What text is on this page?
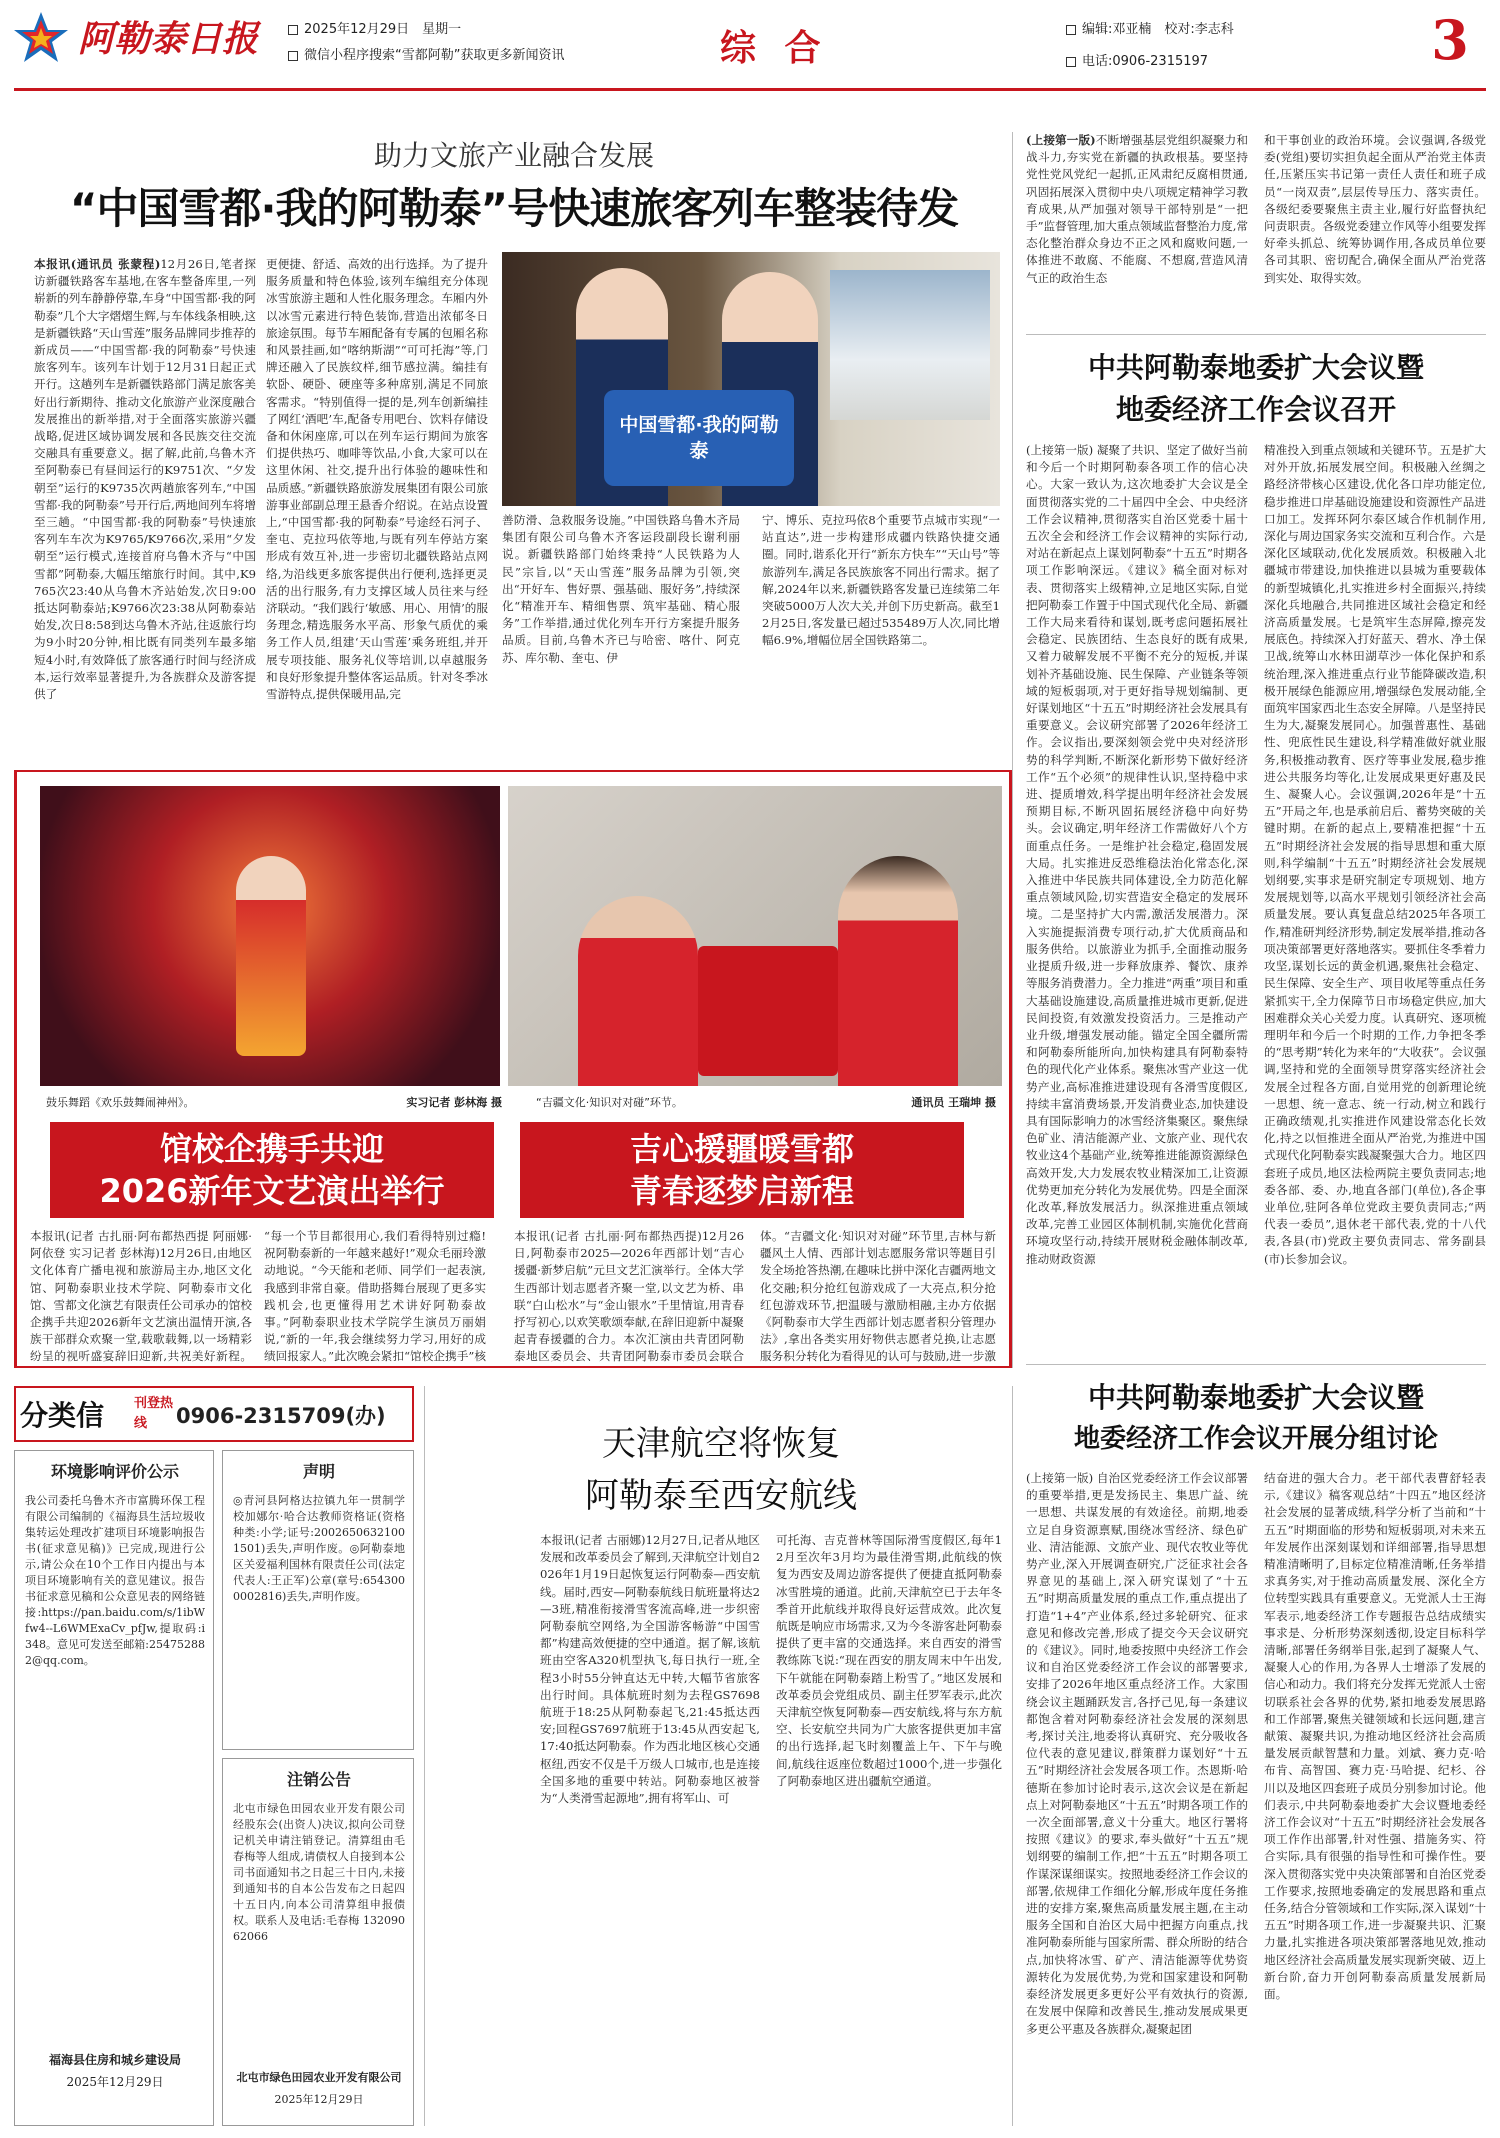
阿勒泰日报	2025年12月29日　星期一
微信小程序搜索“雪都阿勒”获取更多新闻资讯	综 合	编辑:邓亚楠　校对:李志科
电话:0906-2315197	3
助力文旅产业融合发展
“中国雪都·我的阿勒泰”号快速旅客列车整装待发
本报讯(通讯员 张蒙程)12月26日,笔者探访新疆铁路客车基地,在客车整备库里,一列崭新的列车静静停靠,车身“中国雪都·我的阿勒泰”几个大字熠熠生辉,与车体线条相映,这是新疆铁路“天山雪莲”服务品牌同步推荐的新成员——“中国雪都·我的阿勒泰”号快速旅客列车。该列车计划于12月31日起正式开行。这趟列车是新疆铁路部门满足旅客美好出行新期待、推动文化旅游产业深度融合发展推出的新举措,对于全面落实旅游兴疆战略,促进区域协调发展和各民族交往交流交融具有重要意义。据了解,此前,乌鲁木齐至阿勒泰已有昼间运行的K9751次、“夕发朝至”运行的K9735次两趟旅客列车,“中国雪都·我的阿勒泰”号开行后,两地间列车将增至三趟。“中国雪都·我的阿勒泰”号快速旅客列车车次为K9765/K9766次,采用“夕发朝至”运行模式,连接首府乌鲁木齐与“中国雪都”阿勒泰,大幅压缩旅行时间。其中,K9765次23:40从乌鲁木齐站始发,次日9:00抵达阿勒泰站;K9766次23:38从阿勒泰站始发,次日8:58到达乌鲁木齐站,往返旅行均为9小时20分钟,相比既有同类列车最多缩短4小时,有效降低了旅客通行时间与经济成本,运行效率显著提升,为各族群众及游客提供了
更便捷、舒适、高效的出行选择。为了提升服务质量和特色体验,该列车编组充分体现冰雪旅游主题和人性化服务理念。车厢内外以冰雪元素进行特色装饰,营造出浓郁冬日旅途氛围。每节车厢配备有专属的包厢名称和风景挂画,如“喀纳斯湖”“可可托海”等,门牌还融入了民族纹样,细节感拉满。编挂有软卧、硬卧、硬座等多种席别,满足不同旅客需求。“特别值得一提的是,列车创新编挂了网红‘酒吧’车,配备专用吧台、饮料存储设备和休闲座席,可以在列车运行期间为旅客们提供热巧、咖啡等饮品,小食,大家可以在这里休闲、社交,提升出行体验的趣味性和品质感。”新疆铁路旅游发展集团有限公司旅游事业部副总理王悬香介绍说。在站点设置上,“中国雪都·我的阿勒泰”号途经石河子、奎屯、克拉玛依等地,与既有列车停站方案形成有效互补,进一步密切北疆铁路站点网络,为沿线更多旅客提供出行便利,选择更灵活的出行服务,有力支撑区域人员往来与经济联动。“我们践行‘敏感、用心、用情’的服务理念,精选服务水平高、形象气质优的乘务工作人员,组建‘天山雪莲’乘务班组,并开展专项技能、服务礼仪等培训,以卓越服务和良好形象提升整体客运品质。针对冬季冰雪游特点,提供保暖用品,完
中国雪都·我的阿勒泰
善防滑、急救服务设施。”中国铁路乌鲁木齐局集团有限公司乌鲁木齐客运段副段长谢利丽说。新疆铁路部门始终秉持“人民铁路为人民”宗旨,以“天山雪莲”服务品牌为引领,突出“开好车、售好票、强基础、服好务”,持续深化“精准开车、精细售票、筑牢基础、精心服务”工作举措,通过优化列车开行方案提升服务品质。目前,乌鲁木齐已与哈密、喀什、阿克苏、库尔勒、奎屯、伊
宁、博乐、克拉玛依8个重要节点城市实现“一站直达”,进一步构建形成疆内铁路快捷交通圈。同时,谐系化开行“新东方快车”“天山号”等旅游列车,满足各民族旅客不同出行需求。据了解,2024年以来,新疆铁路客发量已连续第二年突破5000万人次大关,并创下历史新高。截至12月25日,客发量已超过535489万人次,同比增幅6.9%,增幅位居全国铁路第二。
(上接第一版)不断增强基层党组织凝聚力和战斗力,夯实党在新疆的执政根基。要坚持党性党风党纪一起抓,正风肃纪反腐相贯通,巩固拓展深入贯彻中央八项规定精神学习教育成果,从严加强对领导干部特别是“一把手”监督管理,加大重点领域监督整治力度,常态化整治群众身边不正之风和腐败问题,一体推进不敢腐、不能腐、不想腐,营造风清气正的政治生态
和干事创业的政治环境。会议强调,各级党委(党组)要切实担负起全面从严治党主体责任,压紧压实书记第一责任人责任和班子成员“一岗双责”,层层传导压力、落实责任。各级纪委要聚焦主责主业,履行好监督执纪问责职责。各级党委建立作风等小组要发挥好牵头抓总、统筹协调作用,各成员单位要各司其职、密切配合,确保全面从严治党落到实处、取得实效。
中共阿勒泰地委扩大会议暨
地委经济工作会议召开
(上接第一版) 凝聚了共识、坚定了做好当前和今后一个时期阿勒泰各项工作的信心决心。大家一致认为,这次地委扩大会议是全面贯彻落实党的二十届四中全会、中央经济工作会议精神,贯彻落实自治区党委十届十五次全会和经济工作会议精神的实际行动,对站在新起点上谋划阿勒泰“十五五”时期各项工作影响深远。《建议》稿全面对标对表、贯彻落实上级精神,立足地区实际,自觉把阿勒泰工作置于中国式现代化全局、新疆工作大局来看待和谋划,既考虑问题拓展社会稳定、民族团结、生态良好的既有成果,又着力破解发展不平衡不充分的短板,并谋划补齐基础设施、民生保障、产业链条等领域的短板弱项,对于更好指导规划编制、更好谋划地区“十五五”时期经济社会发展具有重要意义。会议研究部署了2026年经济工作。会议指出,要深刻领会党中央对经济形势的科学判断,不断深化新形势下做好经济工作“五个必须”的规律性认识,坚持稳中求进、提质增效,科学提出明年经济社会发展预期目标,不断巩固拓展经济稳中向好势头。会议确定,明年经济工作需做好八个方面重点任务。一是维护社会稳定,稳固发展大局。扎实推进反恐维稳法治化常态化,深入推进中华民族共同体建设,全力防范化解重点领域风险,切实营造安全稳定的发展环境。二是坚持扩大内需,激活发展潜力。深入实施提振消费专项行动,扩大优质商品和服务供给。以旅游业为抓手,全面推动服务业提质升级,进一步释放康养、餐饮、康养等服务消费潜力。全力推进“两重”项目和重大基础设施建设,高质量推进城市更新,促进民间投资,有效激发投资活力。三是推动产业升级,增强发展动能。锚定全国全疆所需和阿勒泰所能所向,加快构建具有阿勒泰特色的现代化产业体系。聚焦冰雪产业这一优势产业,高标准推进建设现有各滑雪度假区,持续丰富消费场景,开发消费业态,加快建设具有国际影响力的冰雪经济集聚区。聚焦绿色矿业、清洁能源产业、文旅产业、现代农牧业这4个基础产业,统筹推进能源资源绿色高效开发,大力发展农牧业精深加工,让资源优势更加充分转化为发展优势。四是全面深化改革,释放发展活力。纵深推进重点领域改革,完善工业园区体制机制,实施优化营商环境攻坚行动,持续开展财税金融体制改革,推动财政资源
精准投入到重点领域和关键环节。五是扩大对外开放,拓展发展空间。积极融入丝绸之路经济带核心区建设,优化各口岸功能定位,稳步推进口岸基础设施建设和资源性产品进口加工。发挥环阿尔泰区域合作机制作用,深化与周边国家务实交流和互利合作。六是深化区域联动,优化发展质效。积极融入北疆城市带建设,加快推进以县城为重要载体的新型城镇化,扎实推进乡村全面振兴,持续深化兵地融合,共同推进区域社会稳定和经济高质量发展。七是筑牢生态屏障,擦亮发展底色。持续深入打好蓝天、碧水、净土保卫战,统筹山水林田湖草沙一体化保护和系统治理,深入推进重点行业节能降碳改造,积极开展绿色能源应用,增强绿色发展动能,全面筑牢国家西北生态安全屏障。八是坚持民生为大,凝聚发展同心。加强普惠性、基础性、兜底性民生建设,科学精准做好就业服务,积极推动教育、医疗等事业发展,稳步推进公共服务均等化,让发展成果更好惠及民生、凝聚人心。会议强调,2026年是“十五五”开局之年,也是承前启后、蓄势突破的关键时期。在新的起点上,要精准把握“十五五”时期经济社会发展的指导思想和重大原则,科学编制“十五五”时期经济社会发展规划纲要,实事求是研究制定专项规划、地方发展规划等,以高水平规划引领经济社会高质量发展。要认真复盘总结2025年各项工作,精准研判经济形势,制定发展举措,推动各项决策部署更好落地落实。要抓住冬季着力攻坚,谋划长远的黄金机遇,聚焦社会稳定、民生保障、安全生产、项目收尾等重点任务紧抓实干,全力保障节日市场稳定供应,加大困难群众关心关爱力度。认真研究、逐项梳理明年和今后一个时期的工作,力争把冬季的“思考期”转化为来年的“大收获”。会议强调,坚持和党的全面领导贯穿落实经济社会发展全过程各方面,自觉用党的创新理论统一思想、统一意志、统一行动,树立和践行正确政绩观,扎实推进作风建设常态化长效化,持之以恒推进全面从严治党,为推进中国式现代化阿勒泰实践凝聚强大合力。地区四套班子成员,地区法检两院主要负责同志;地委各部、委、办,地直各部门(单位),各企事业单位,驻阿各单位党政主要负责同志;“两代表一委员”,退休老干部代表,党的十八代表,各县(市)党政主要负责同志、常务副县(市)长参加会议。
鼓乐舞蹈《欢乐鼓舞闹神州》。	实习记者 彭林海 摄	“吉疆文化·知识对对碰”环节。	通讯员 王瑞坤 摄
馆校企携手共迎
2026新年文艺演出举行
吉心援疆暖雪都
青春逐梦启新程
本报讯(记者 古扎丽·阿布都热西提 阿丽娜·阿依登 实习记者 彭林海)12月26日,由地区文化体育广播电视和旅游局主办,地区文化馆、阿勒泰职业技术学院、阿勒泰市文化馆、雪都文化演艺有限责任公司承办的馆校企携手共迎2026新年文艺演出温情开演,各族干部群众欢聚一堂,载歌载舞,以一场精彩纷呈的视听盛宴辞旧迎新,共祝美好新程。
“每一个节目都很用心,我们看得特别过瘾!祝阿勒泰新的一年越来越好!”观众毛丽玲激动地说。“今天能和老师、同学们一起表演,我感到非常自豪。借助搭舞台展现了更多实践机会,也更懂得用艺术讲好阿勒泰故事。”阿勒泰职业技术学院学生演员万丽娟说,“新的一年,我会继续努力学习,用好的成绩回报家人。”此次晚会紧扣“馆校企携手”核
本报讯(记者 古扎丽·阿布都热西提)12月26日,阿勒泰市2025—2026年西部计划“吉心援疆·新梦启航”元旦文艺汇演举行。全体大学生西部计划志愿者齐聚一堂,以文艺为桥、串联“白山松水”与“金山银水”千里情谊,用青春抒写初心,以欢笑歌颂奉献,在辞旧迎新中凝聚起青春援疆的合力。本次汇演由共青团阿勒泰地区委员会、共青团阿勒泰市委员会联合
体。“吉疆文化·知识对对碰”环节里,吉林与新疆风土人情、西部计划志愿服务常识等题目引发全场抢答热潮,在趣味比拼中深化吉疆两地文化交融;积分抢红包游戏成了一大亮点,积分抢红包游戏环节,把温暖与激励相融,主办方依据《阿勒泰市大学生西部计划志愿者积分管理办法》,拿出各类实用好物供志愿者兑换,让志愿服务积分转化为看得见的认可与鼓励,进一步激
中共阿勒泰地委扩大会议暨
地委经济工作会议开展分组讨论
(上接第一版) 自治区党委经济工作会议部署的重要举措,更是发扬民主、集思广益、统一思想、共谋发展的有效途径。前期,地委立足自身资源禀赋,围绕冰雪经济、绿色矿业、清洁能源、文旅产业、现代农牧业等优势产业,深入开展调查研究,广泛征求社会各界意见的基础上,深入研究谋划了“十五五”时期高质量发展的重点工作,重点提出了打造“1+4”产业体系,经过多轮研究、征求意见和修改完善,形成了提交今天会议研究的《建议》。同时,地委按照中央经济工作会议和自治区党委经济工作会议的部署要求,安排了2026年地区重点经济工作。大家围绕会议主题踊跃发言,各抒己见,每一条建议都饱含着对阿勒泰经济社会发展的深刻思考,探讨关注,地委将认真研究、充分吸收各位代表的意见建议,群策群力谋划好“十五五”时期经济社会发展各项工作。杰恩斯·哈德斯在参加讨论时表示,这次会议是在新起点上对阿勒泰地区“十五五”时期各项工作的一次全面部署,意义十分重大。地区行署将按照《建议》的要求,奉头做好“十五五”规划纲要的编制工作,把“十五五”时期各项工作谋深谋细谋实。按照地委经济工作会议的部署,依规律工作细化分解,形成年度任务推进的安排方案,聚焦高质量发展主题,在主动服务全国和自治区大局中把握方向重点,找准阿勒泰所能与国家所需、群众所盼的结合点,加快将冰雪、矿产、清洁能源等优势资源转化为发展优势,为党和国家建设和阿勒泰经济发展更多更好公平有效执行的资源,在发展中保障和改善民生,推动发展成果更多更公平惠及各族群众,凝聚起团
结奋进的强大合力。老干部代表曹舒轻表示,《建议》稿客观总结“十四五”地区经济社会发展的显著成绩,科学分析了当前和“十五五”时期面临的形势和短板弱项,对未来五年发展作出深刻谋划和详细部署,指导思想精准清晰明了,目标定位精准清晰,任务举措求真务实,对于推动高质量发展、深化全方位转型实践具有重要意义。无党派人士王海军表示,地委经济工作专题报告总结成绩实事求是、分析形势深刻透彻,设定目标科学清晰,部署任务纲举目张,起到了凝聚人气、凝聚人心的作用,为各界人士增添了发展的信心和动力。我们将充分发挥无党派人士密切联系社会各界的优势,紧扣地委发展思路和工作部署,聚焦关键领域和长远问题,建言献策、凝聚共识,为推动地区经济社会高质量发展贡献智慧和力量。刘斌、赛力克·哈布肯、高智国、赛力克·马哈提、纪杉、谷川以及地区四套班子成员分别参加讨论。他们表示,中共阿勒泰地委扩大会议暨地委经济工作会议对“十五五”时期经济社会发展各项工作作出部署,针对性强、措施务实、符合实际,具有很强的指导性和可操作性。要深入贯彻落实党中央决策部署和自治区党委工作要求,按照地委确定的发展思路和重点任务,结合分管领域和工作实际,深入谋划“十五五”时期各项工作,进一步凝聚共识、汇聚力量,扎实推进各项决策部署落地见效,推动地区经济社会高质量发展实现新突破、迈上新台阶,奋力开创阿勒泰高质量发展新局面。
分类信	刊登热线	0906-2315709(办)
环境影响评价公示
我公司委托乌鲁木齐市富腾环保工程有限公司编制的《福海县生活垃圾收集转运处理改扩建项目环境影响报告书(征求意见稿)》已完成,现进行公示,请公众在10个工作日内提出与本项目环境影响有关的意见建议。报告书征求意见稿和公众意见表的网络链接:https://pan.baidu.com/s/1ibWfw4--L6WMExaCv_pfJw,提取码:i348。意见可发送至邮箱:254752882@qq.com。
福海县住房和城乡建设局
2025年12月29日
声明
◎青河县阿格达拉镇九年一贯制学校加娜尔·哈合达教师资格证(资格种类:小学;证号:20026506321001501)丢失,声明作废。◎阿勒泰地区关爱福利国林有限责任公司(法定代表人:王正军)公章(章号:6543000002816)丢失,声明作废。
注销公告
北屯市绿色田园农业开发有限公司经股东会(出资人)决议,拟向公司登记机关申请注销登记。清算组由毛春梅等人组成,请债权人自接到本公司书面通知书之日起三十日内,未接到通知书的自本公告发布之日起四十五日内,向本公司清算组申报债权。联系人及电话:毛春梅 13209062066
北屯市绿色田园农业开发有限公司
2025年12月29日
天津航空将恢复
阿勒泰至西安航线
本报讯(记者 古丽娜)12月27日,记者从地区发展和改革委员会了解到,天津航空计划自2026年1月19日起恢复运行阿勒泰—西安航线。届时,西安—阿勒泰航线日航班量将达2—3班,精准衔接滑雪客流高峰,进一步织密阿勒泰航空网络,为全国游客畅游“中国雪都”构建高效便捷的空中通道。据了解,该航班由空客A320机型执飞,每日执行一班,全程3小时55分钟直达无中转,大幅节省旅客出行时间。具体航班时刻为去程GS7698航班于18:25从阿勒泰起飞,21:45抵达西安;回程GS7697航班于13:45从西安起飞,17:40抵达阿勒泰。作为西北地区核心交通枢纽,西安不仅是千万级人口城市,也是连接全国多地的重要中转站。阿勒泰地区被誉为“人类滑雪起源地”,拥有将军山、可
可托海、吉克普林等国际滑雪度假区,每年12月至次年3月均为最佳滑雪期,此航线的恢复为西安及周边游客提供了便捷直抵阿勒泰冰雪胜境的通道。此前,天津航空已于去年冬季首开此航线并取得良好运营成效。此次复航既是响应市场需求,又为今冬游客赴阿勒泰提供了更丰富的交通选择。来自西安的滑雪教练陈飞说:“现在西安的朋友周末中午出发,下午就能在阿勒泰踏上粉雪了。”地区发展和改革委员会党组成员、副主任罗军表示,此次天津航空恢复阿勒泰—西安航线,将与东方航空、长安航空共同为广大旅客提供更加丰富的出行选择,起飞时刻覆盖上午、下午与晚间,航线往返座位数超过1000个,进一步强化了阿勒泰地区进出疆航空通道。
